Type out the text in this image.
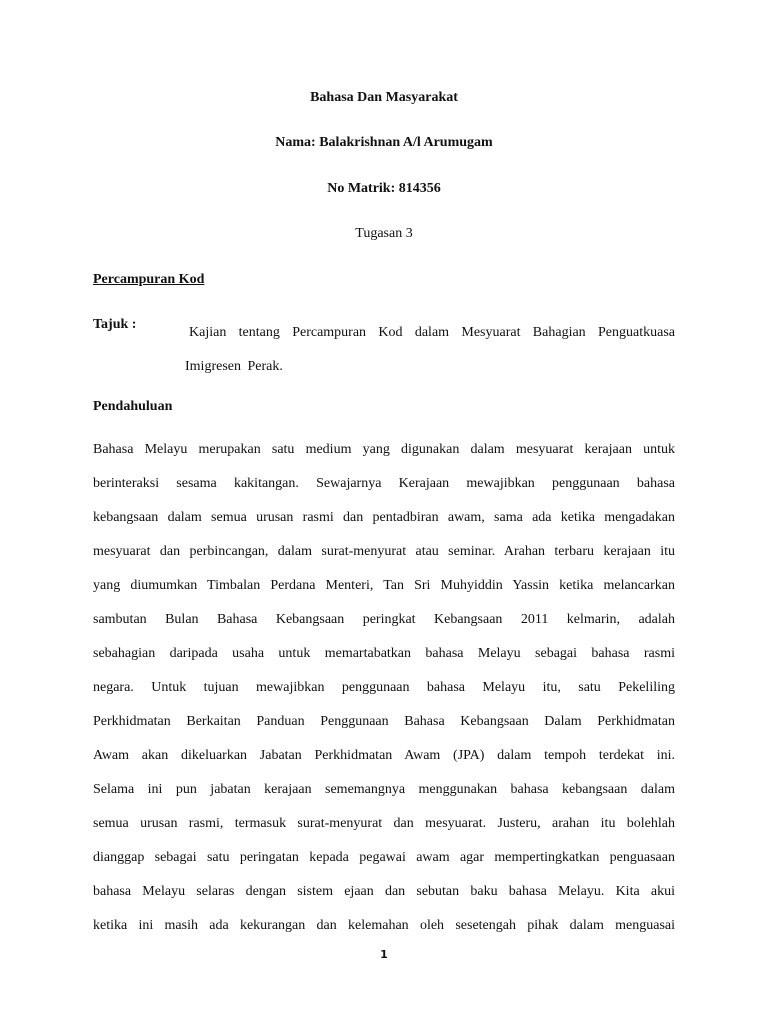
Bahasa Dan Masyarakat
Nama: Balakrishnan A/l Arumugam
No Matrik: 814356
Tugasan 3
Percampuran Kod
Tajuk :
Kajian tentang Percampuran Kod dalam Mesyuarat Bahagian Penguatkuasa
Imigresen Perak.
Pendahuluan
Bahasa Melayu merupakan satu medium yang digunakan dalam mesyuarat kerajaan untuk
berinteraksi sesama kakitangan. Sewajarnya Kerajaan mewajibkan penggunaan bahasa
kebangsaan dalam semua urusan rasmi dan pentadbiran awam, sama ada ketika mengadakan
mesyuarat dan perbincangan, dalam surat-menyurat atau seminar. Arahan terbaru kerajaan itu
yang diumumkan Timbalan Perdana Menteri, Tan Sri Muhyiddin Yassin ketika melancarkan
sambutan Bulan Bahasa Kebangsaan peringkat Kebangsaan 2011 kelmarin, adalah
sebahagian daripada usaha untuk memartabatkan bahasa Melayu sebagai bahasa rasmi
negara. Untuk tujuan mewajibkan penggunaan bahasa Melayu itu, satu Pekeliling
Perkhidmatan Berkaitan Panduan Penggunaan Bahasa Kebangsaan Dalam Perkhidmatan
Awam akan dikeluarkan Jabatan Perkhidmatan Awam (JPA) dalam tempoh terdekat ini.
Selama ini pun jabatan kerajaan sememangnya menggunakan bahasa kebangsaan dalam
semua urusan rasmi, termasuk surat-menyurat dan mesyuarat. Justeru, arahan itu bolehlah
dianggap sebagai satu peringatan kepada pegawai awam agar mempertingkatkan penguasaan
bahasa Melayu selaras dengan sistem ejaan dan sebutan baku bahasa Melayu. Kita akui
ketika ini masih ada kekurangan dan kelemahan oleh sesetengah pihak dalam menguasai
1
